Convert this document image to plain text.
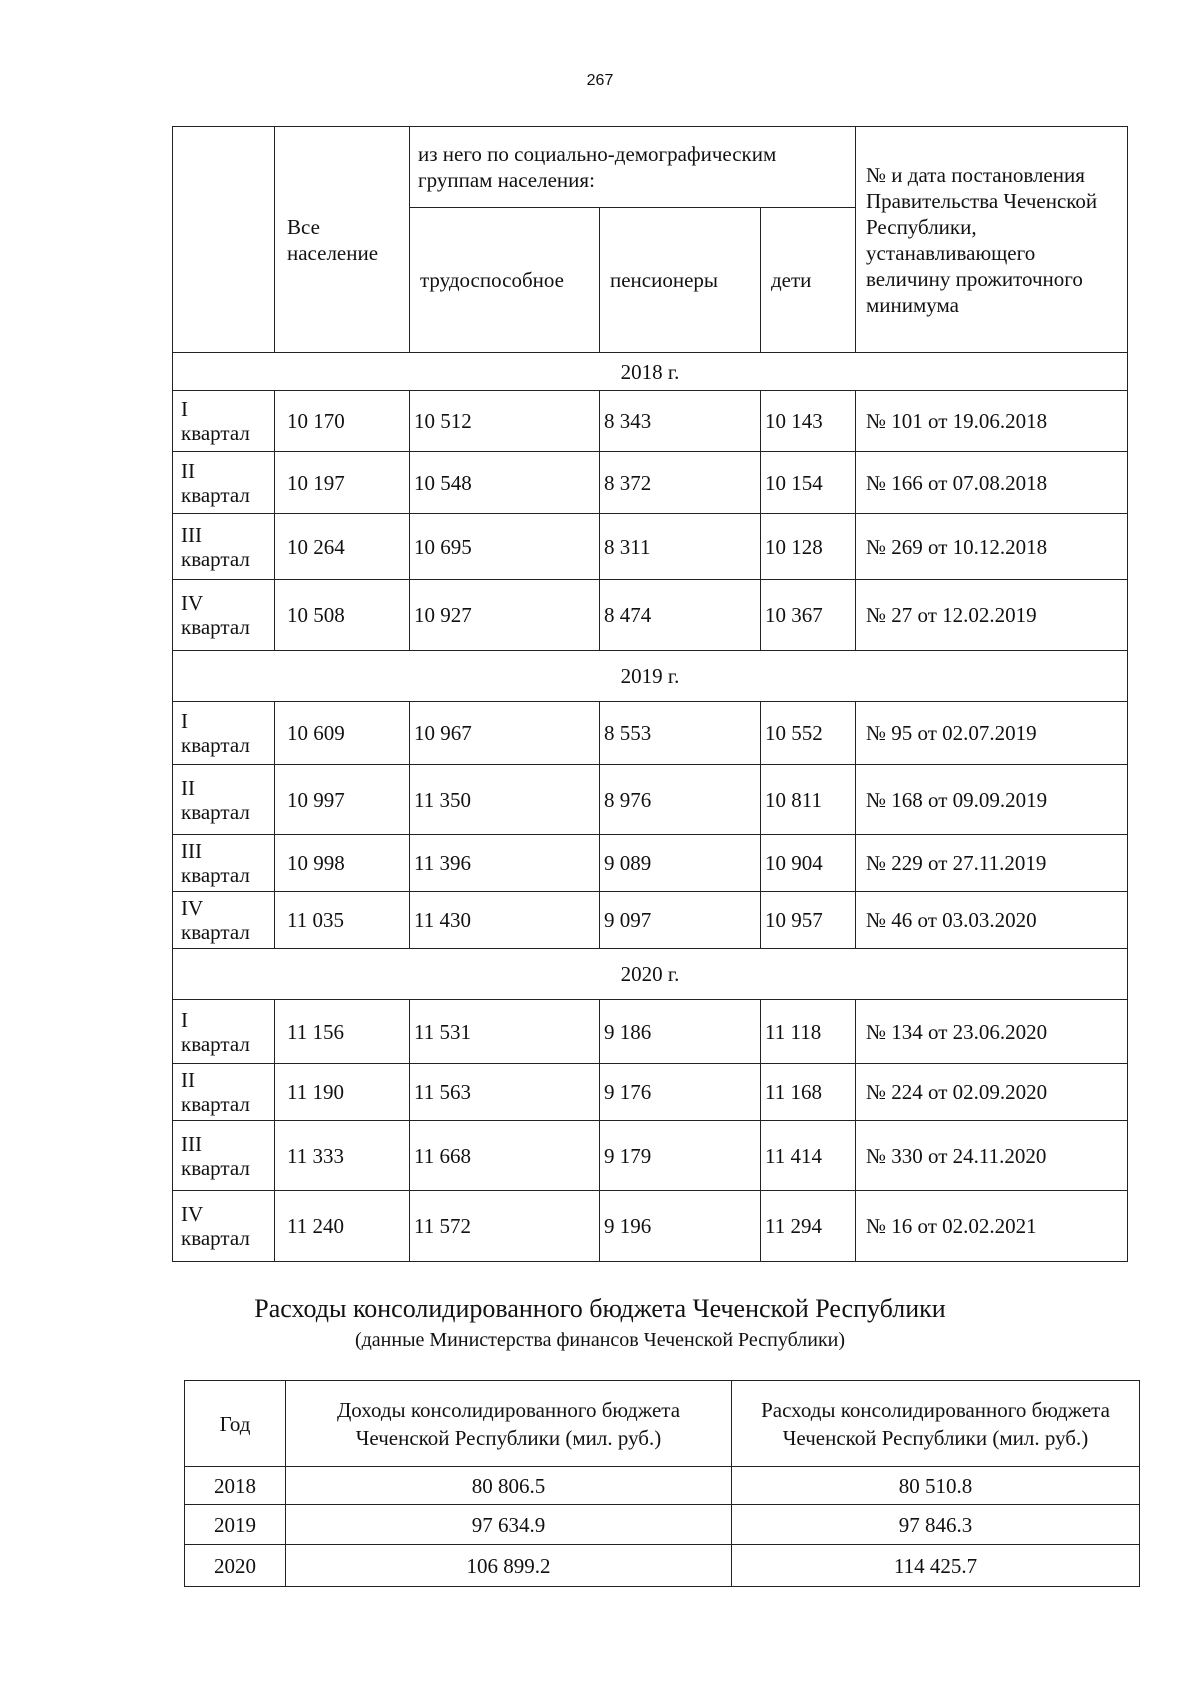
267
	Все население	из него по социально-демографическим группам населения:			№ и дата постановления Правительства Чеченской Республики, устанавливающего величину прожиточного минимума
		трудоспособное	пенсионеры	дети	
2018 г.					

I
квартал	10 170	10 512	8 343	10 143	№ 101 от 19.06.2018

II
квартал	10 197	10 548	8 372	10 154	№ 166 от 07.08.2018

III
квартал	10 264	10 695	8 311	10 128	№ 269 от 10.12.2018

IV
квартал	10 508	10 927	8 474	10 367	№ 27 от 12.02.2019
2019 г.					

I
квартал	10 609	10 967	8 553	10 552	№ 95 от 02.07.2019

II
квартал	10 997	11 350	8 976	10 811	№ 168 от 09.09.2019

III
квартал	10 998	11 396	9 089	10 904	№ 229 от 27.11.2019

IV
квартал	11 035	11 430	9 097	10 957	№ 46 от 03.03.2020
2020 г.					

I
квартал	11 156	11 531	9 186	11 118	№ 134 от 23.06.2020

II
квартал	11 190	11 563	9 176	11 168	№ 224 от 02.09.2020

III
квартал	11 333	11 668	9 179	11 414	№ 330 от 24.11.2020

IV
квартал	11 240	11 572	9 196	11 294	№ 16 от 02.02.2021
Расходы консолидированного бюджета Чеченской Республики
(данные Министерства финансов Чеченской Республики)
Год	Доходы консолидированного бюджета Чеченской Республики (мил. руб.)	Расходы консолидированного бюджета Чеченской Республики (мил. руб.)
2018	80 806.5	80 510.8
2019	97 634.9	97 846.3
2020	106 899.2	114 425.7
